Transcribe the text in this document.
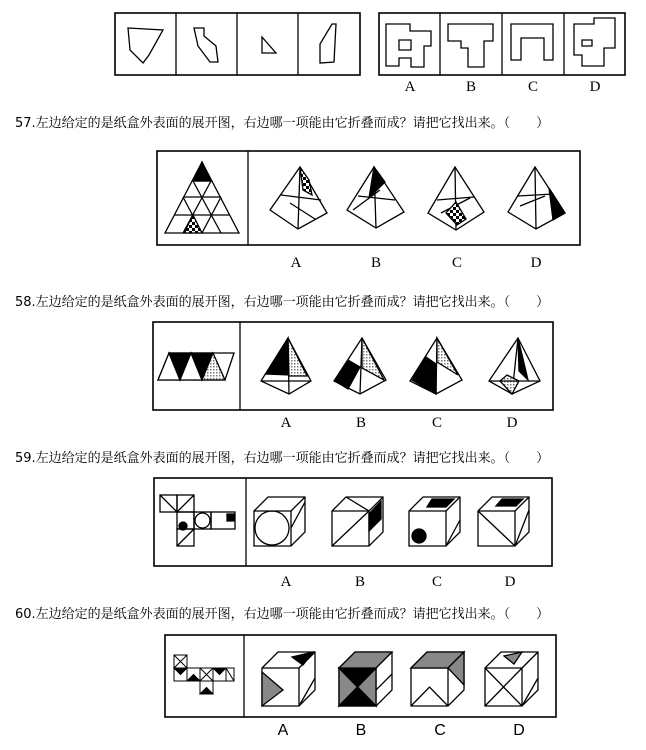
A	B	C	D
57.左边给定的是纸盒外表面的展开图，右边哪一项能由它折叠而成？请把它找出来。（　　）
A	B	C	D
58.左边给定的是纸盒外表面的展开图，右边哪一项能由它折叠而成？请把它找出来。（　　）
A	B	C	D
59.左边给定的是纸盒外表面的展开图，右边哪一项能由它折叠而成？请把它找出来。（　　）
A	B	C	D
60.左边给定的是纸盒外表面的展开图，右边哪一项能由它折叠而成？请把它找出来。（　　）
A	B	C	D
